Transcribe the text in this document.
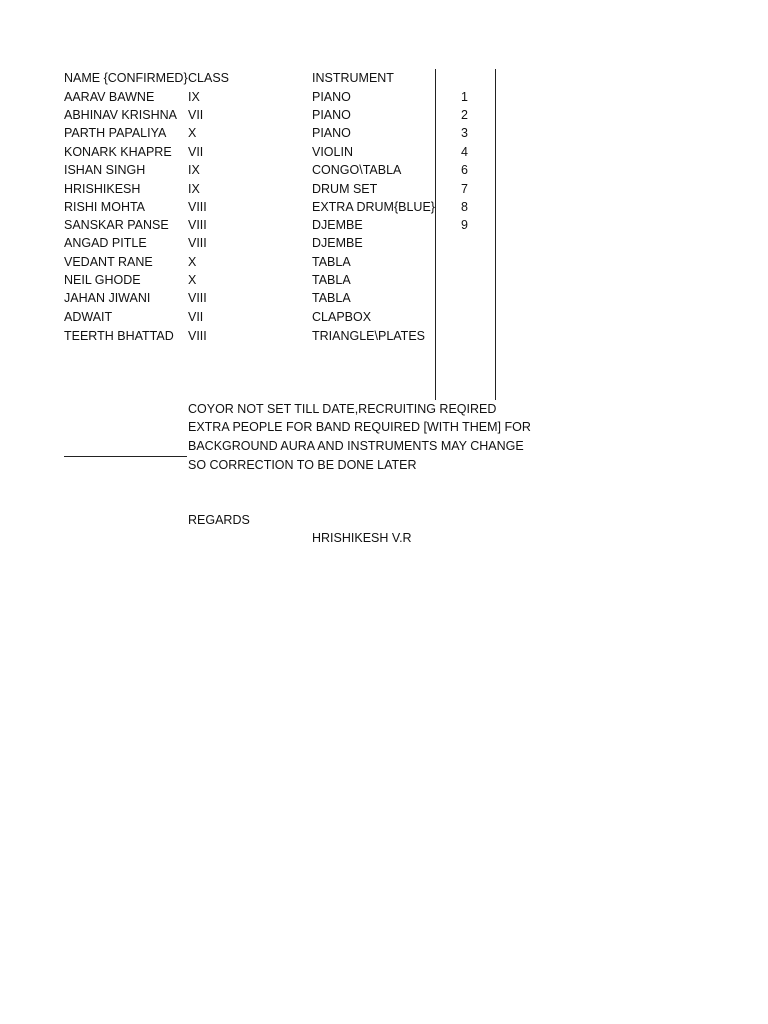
NAME {CONFIRMED} CLASS	INSTRUMENT
AARAV BAWNE	IX	PIANO	1
ABHINAV KRISHNA VII	PIANO	2
PARTH PAPALIYA X	PIANO	3
KONARK KHAPRE VII	VIOLIN	4
ISHAN SINGH	IX	CONGO\TABLA	6
HRISHIKESH	IX	DRUM SET	7
RISHI MOHTA	VIII	EXTRA DRUM{BLUE} 8
SANSKAR PANSE VIII	DJEMBE	9
ANGAD PITLE	VIII	DJEMBE
VEDANT RANE	X	TABLA
NEIL GHODE	X	TABLA
JAHAN JIWANI	VIII	TABLA
ADWAIT	VII	CLAPBOX
TEERTH BHATTAD VIII	TRIANGLE\PLATES
COYOR NOT SET TILL DATE,RECRUITING REQIRED
EXTRA PEOPLE FOR BAND REQUIRED [WITH THEM] FOR
BACKGROUND AURA AND INSTRUMENTS MAY CHANGE
SO CORRECTION TO BE DONE LATER
REGARDS
HRISHIKESH V.R
